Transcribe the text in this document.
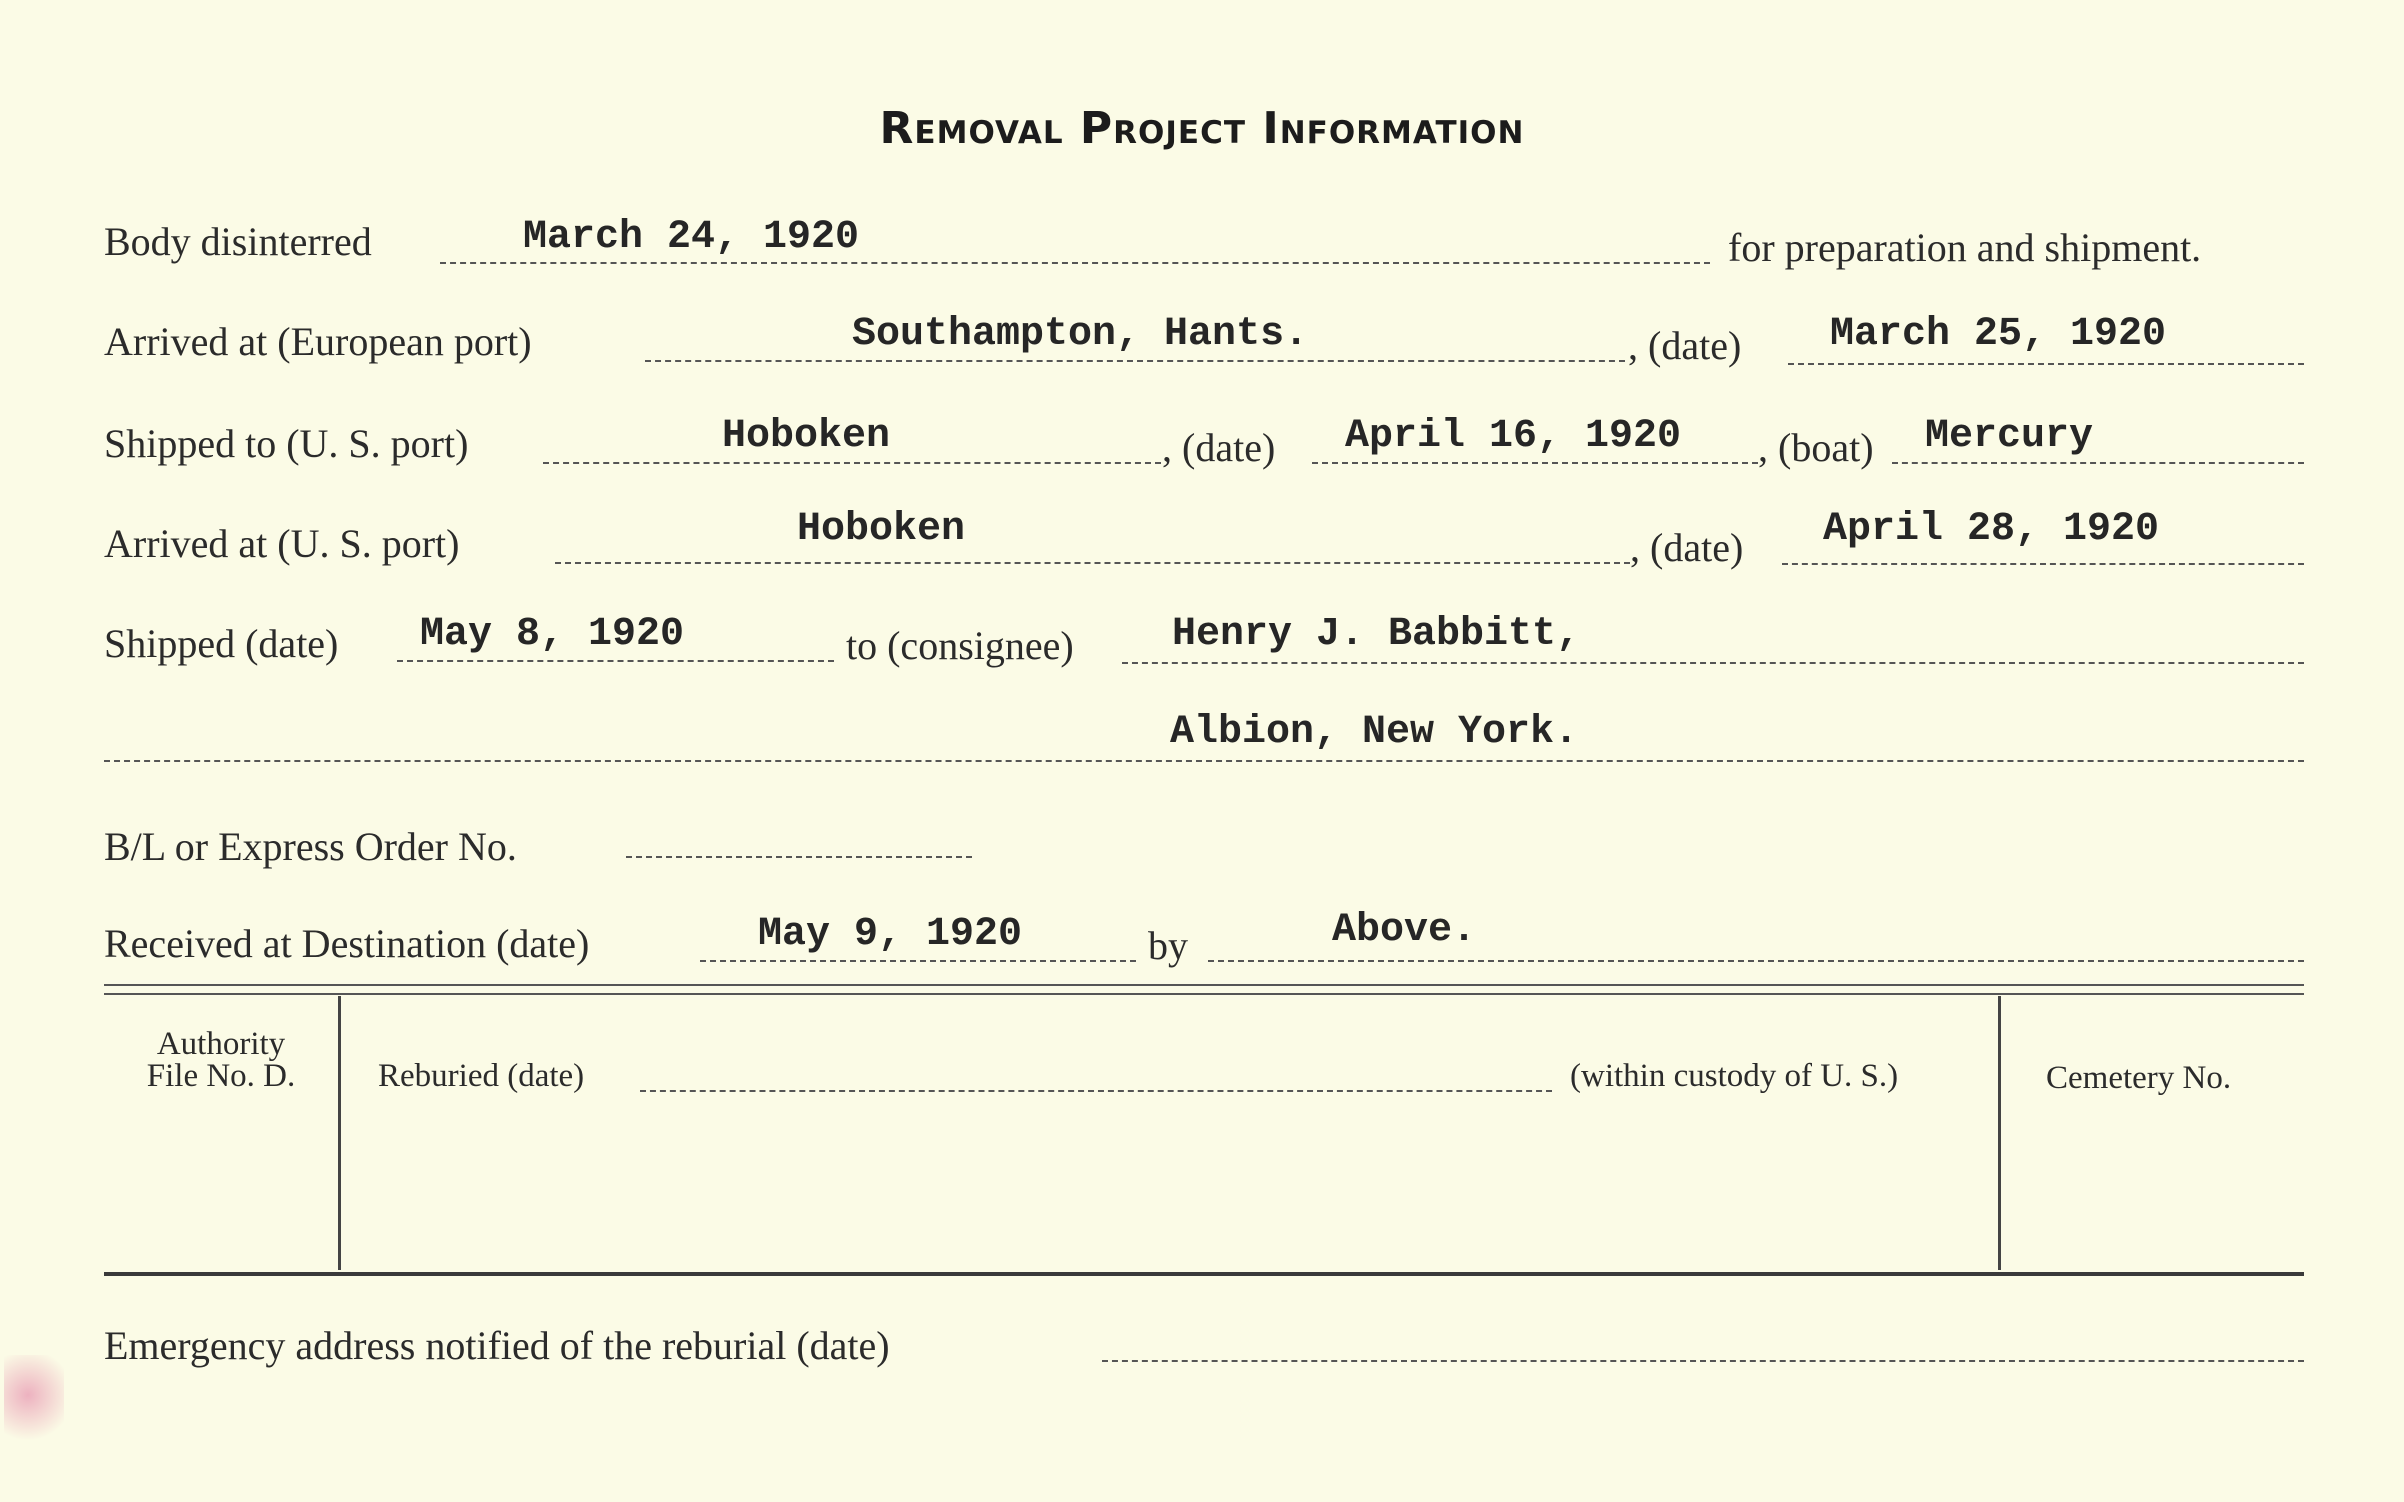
Removal Project Information
Body disinterred	March 24, 1920	for preparation and shipment.
Arrived at (European port)	Southampton, Hants.	, (date) March 25, 1920
Shipped to (U. S. port)	Hoboken	, (date) April 16, 1920 , (boat) Mercury
Arrived at (U. S. port)	Hoboken	, (date) April 28, 1920
Shipped (date) May 8, 1920	to (consignee) Henry J. Babbitt,
Albion, New York.
B/L or Express Order No.
Received at Destination (date)	May 9, 1920	by	Above.
Authority
File No. D.	Reburied (date)	(within custody of U. S.)	Cemetery No.
Emergency address notified of the reburial (date)
